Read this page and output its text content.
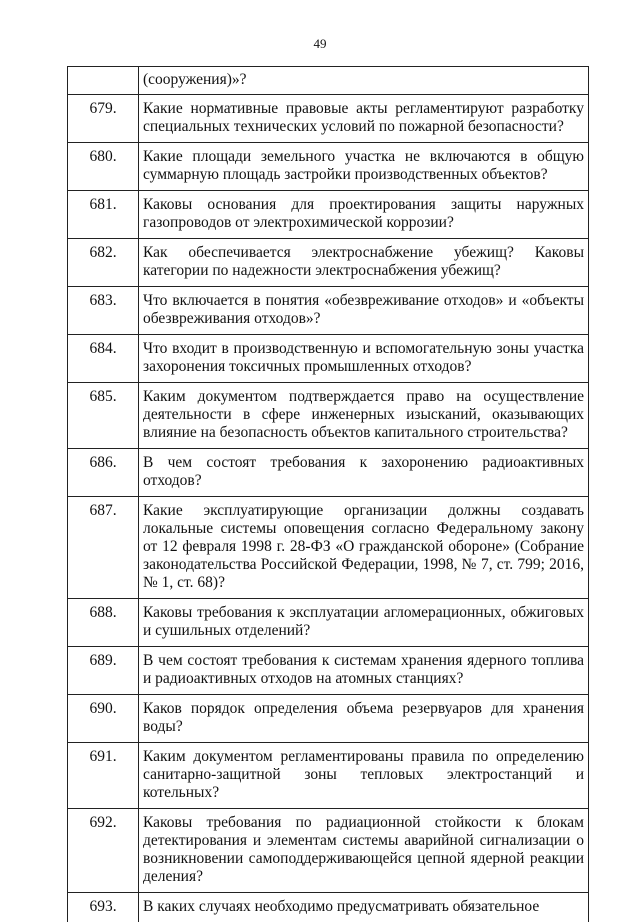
49
	(сооружения)»?
679.	Какие нормативные правовые акты регламентируют разработку специальных технических условий по пожарной безопасности?
680.	Какие площади земельного участка не включаются в общую суммарную площадь застройки производственных объектов?
681.	Каковы основания для проектирования защиты наружных газопроводов от электрохимической коррозии?
682.	Как обеспечивается электроснабжение убежищ? Каковы категории по надежности электроснабжения убежищ?
683.	Что включается в понятия «обезвреживание отходов» и «объекты обезвреживания отходов»?
684.	Что входит в производственную и вспомогательную зоны участка захоронения токсичных промышленных отходов?
685.	Каким документом подтверждается право на осуществление деятельности в сфере инженерных изысканий, оказывающих влияние на безопасность объектов капитального строительства?
686.	В чем состоят требования к захоронению радиоактивных отходов?
687.	Какие эксплуатирующие организации должны создавать локальные системы оповещения согласно Федеральному закону от 12 февраля 1998 г. 28-ФЗ «О гражданской обороне» (Собрание законодательства Российской Федерации, 1998, № 7, ст. 799; 2016, № 1, ст. 68)?
688.	Каковы требования к эксплуатации агломерационных, обжиговых и сушильных отделений?
689.	В чем состоят требования к системам хранения ядерного топлива и радиоактивных отходов на атомных станциях?
690.	Каков порядок определения объема резервуаров для хранения воды?
691.	Каким документом регламентированы правила по определению санитарно-защитной зоны тепловых электростанций и котельных?
692.	Каковы требования по радиационной стойкости к блокам детектирования и элементам системы аварийной сигнализации о возникновении самоподдерживающейся цепной ядерной реакции деления?
693.	В каких случаях необходимо предусматривать обязательное
